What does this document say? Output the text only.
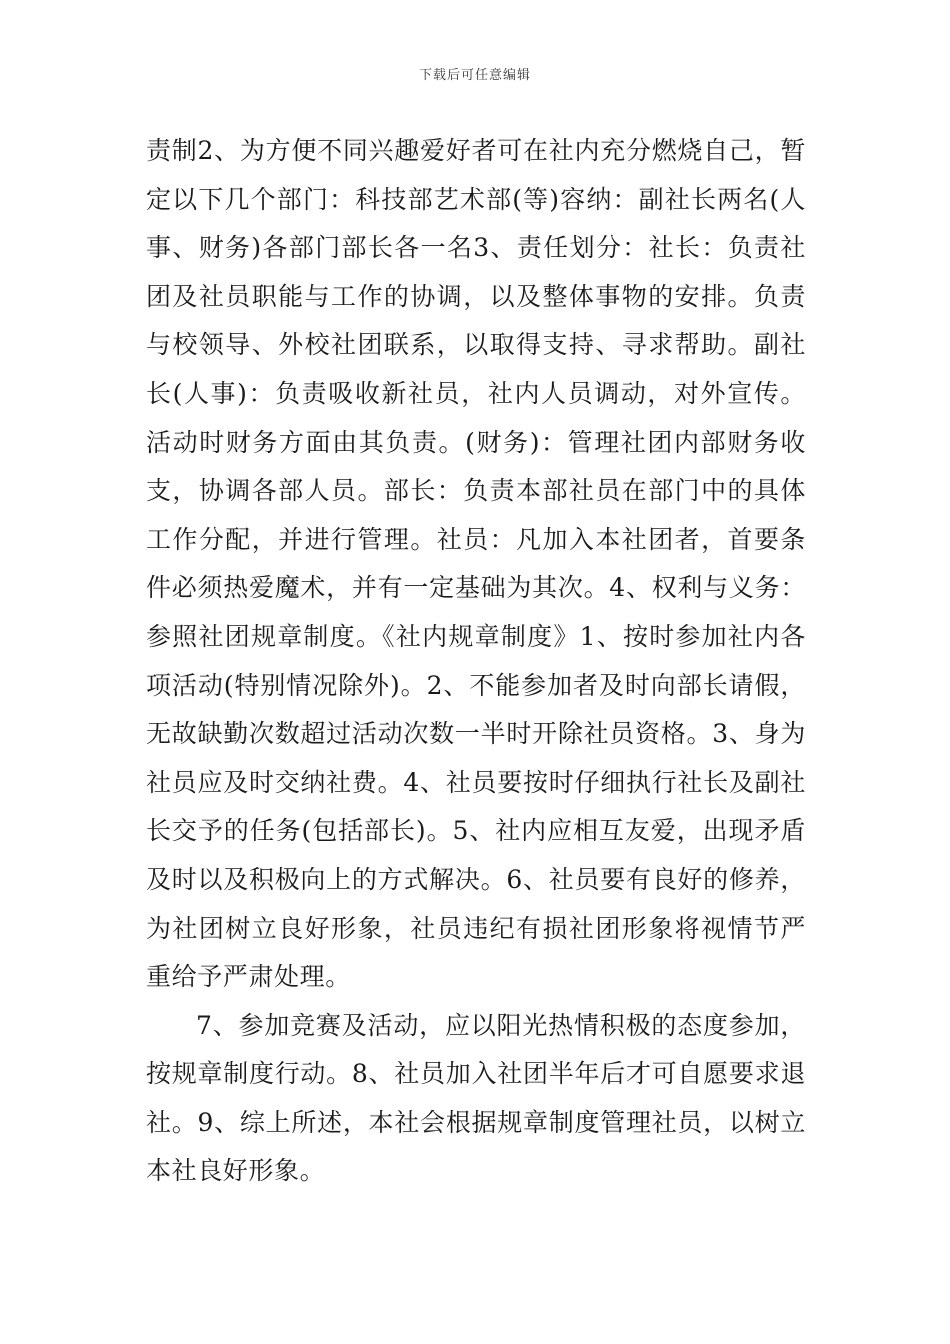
下载后可任意编辑

责制2、为方便不同兴趣爱好者可在社内充分燃烧自己，暂定以下几个部门：科技部艺术部(等)容纳：副社长两名(人事、财务)各部门部长各一名3、责任划分：社长：负责社团及社员职能与工作的协调，以及整体事物的安排。负责与校领导、外校社团联系，以取得支持、寻求帮助。副社长(人事)：负责吸收新社员，社内人员调动，对外宣传。活动时财务方面由其负责。(财务)：管理社团内部财务收支，协调各部人员。部长：负责本部社员在部门中的具体工作分配，并进行管理。社员：凡加入本社团者，首要条件必须热爱魔术，并有一定基础为其次。4、权利与义务：参照社团规章制度。《社内规章制度》1、按时参加社内各项活动(特别情况除外)。2、不能参加者及时向部长请假，无故缺勤次数超过活动次数一半时开除社员资格。3、身为社员应及时交纳社费。4、社员要按时仔细执行社长及副社长交予的任务(包括部长)。5、社内应相互友爱，出现矛盾及时以及积极向上的方式解决。6、社员要有良好的修养，为社团树立良好形象，社员违纪有损社团形象将视情节严重给予严肃处理。

7、参加竞赛及活动，应以阳光热情积极的态度参加，按规章制度行动。8、社员加入社团半年后才可自愿要求退社。9、综上所述，本社会根据规章制度管理社员，以树立本社良好形象。
